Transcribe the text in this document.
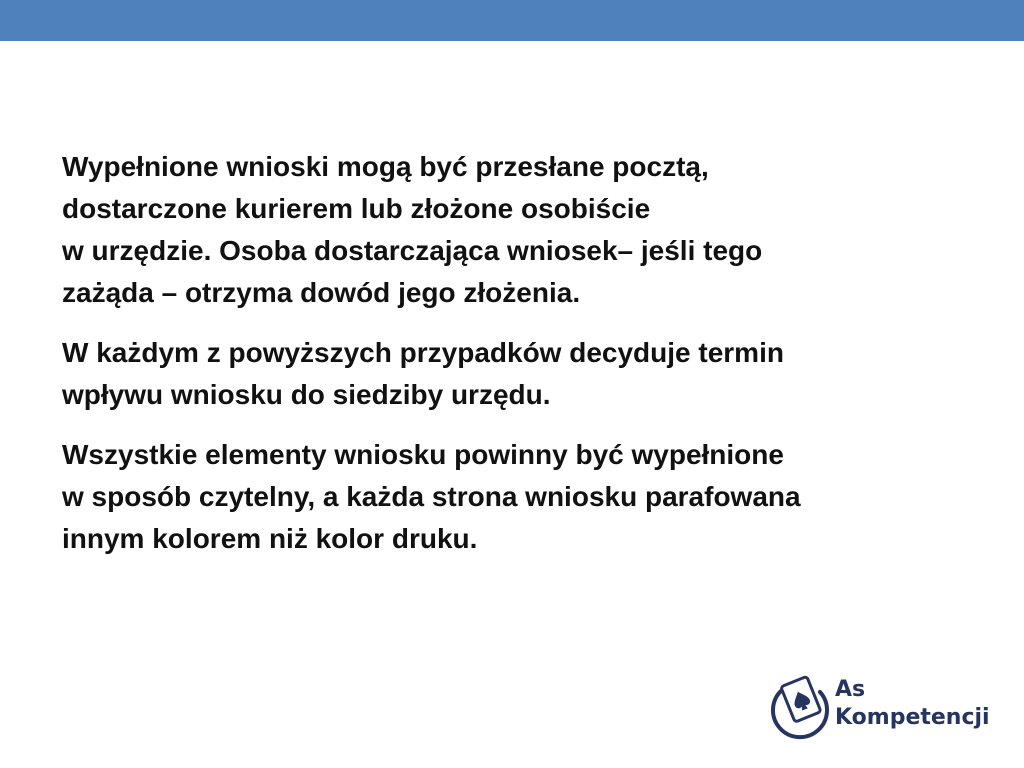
Wypełnione wnioski mogą być przesłane pocztą,
dostarczone kurierem lub złożone osobiście
w urzędzie. Osoba dostarczająca wniosek– jeśli tego
zażąda – otrzyma dowód jego złożenia.

W każdym z powyższych przypadków decyduje termin
wpływu wniosku do siedziby urzędu.

Wszystkie elementy wniosku powinny być wypełnione
w sposób czytelny, a każda strona wniosku parafowana
innym kolorem niż kolor druku.

As
Kompetencji
